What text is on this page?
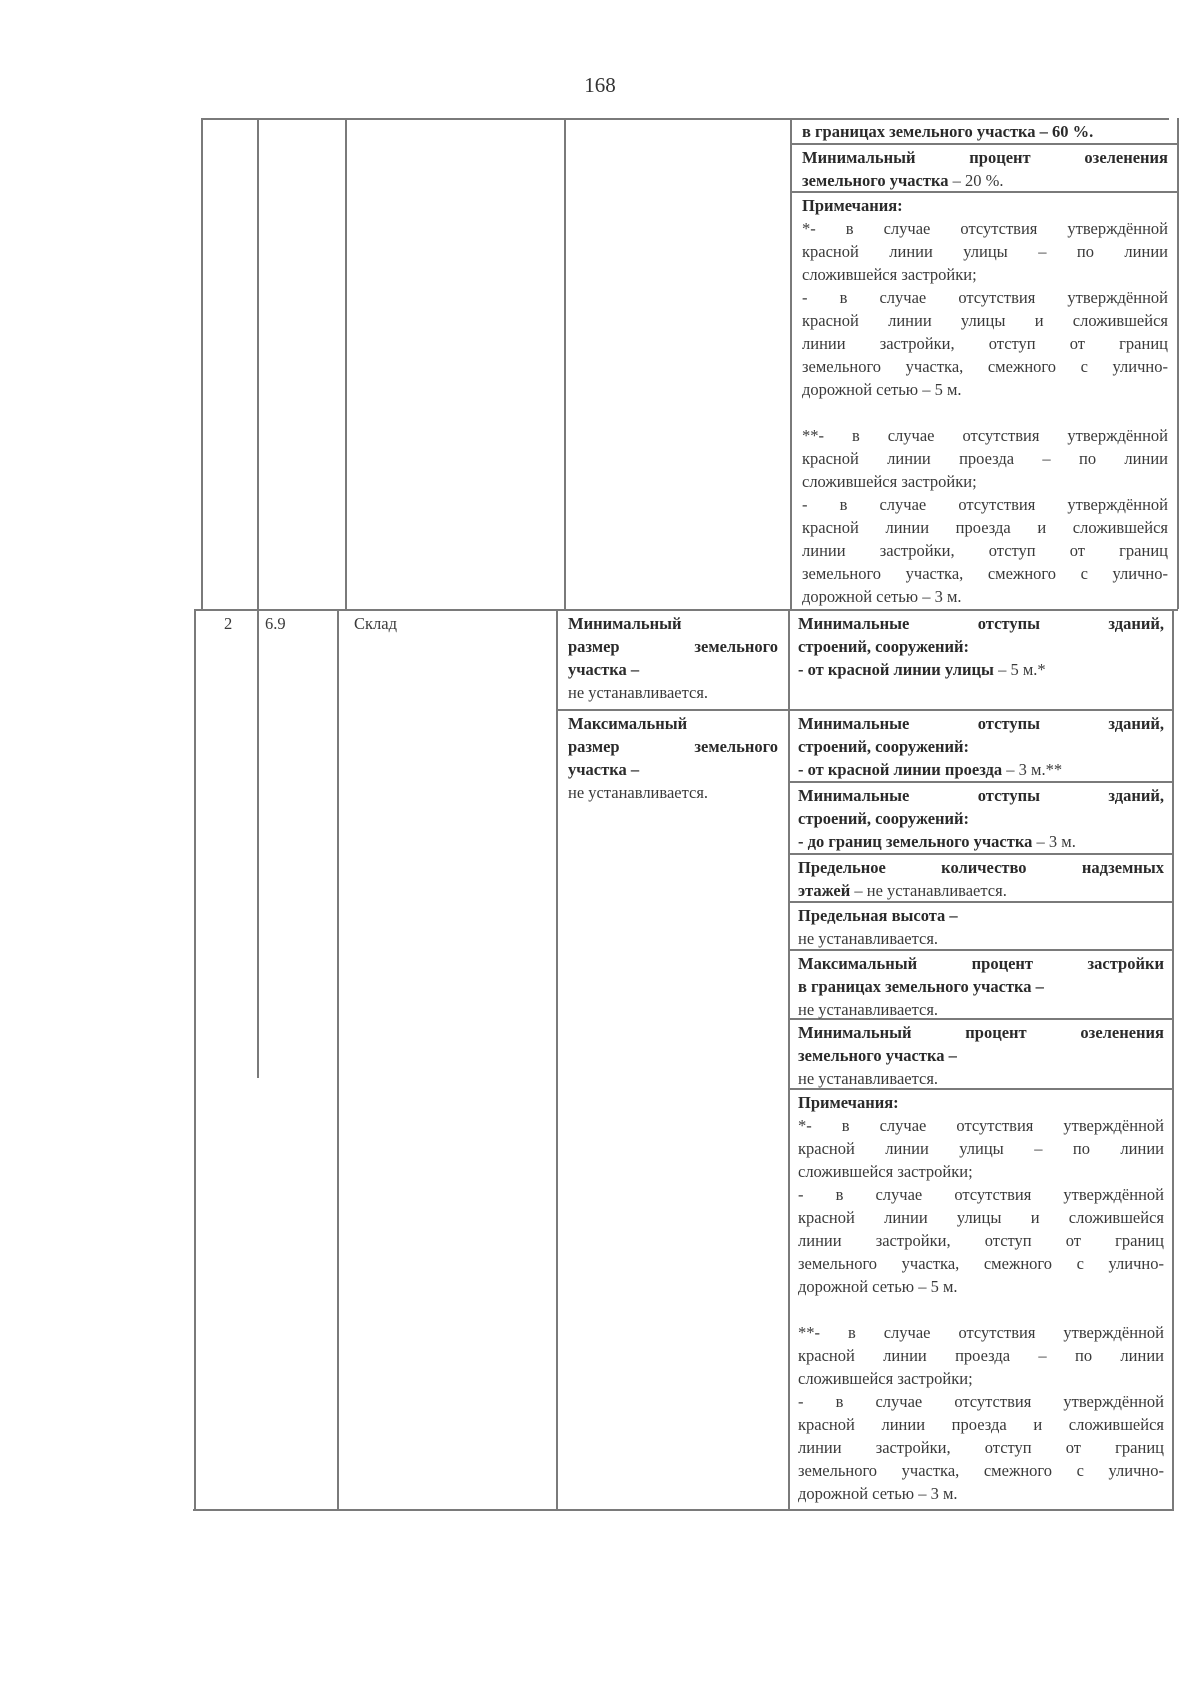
168
в границах земельного участка – 60 %.
Минимальный процент озеленения
земельного участка – 20 %.
Примечания:
*- в случае отсутствия утверждённой
красной линии улицы – по линии
сложившейся застройки;
- в случае отсутствия утверждённой
красной линии улицы и сложившейся
линии застройки, отступ от границ
земельного участка, смежного с улично-
дорожной сетью – 5 м.
**- в случае отсутствия утверждённой
красной линии проезда – по линии
сложившейся застройки;
- в случае отсутствия утверждённой
красной линии проезда и сложившейся
линии застройки, отступ от границ
земельного участка, смежного с улично-
дорожной сетью – 3 м.
2 6.9	Склад	Минимальный
размер земельного
участка –
не устанавливается.
Максимальный
размер земельного
участка –
не устанавливается.
Минимальные отступы зданий,
строений, сооружений:
- от красной линии улицы – 5 м.*
Минимальные отступы зданий,
строений, сооружений:
- от красной линии проезда – 3 м.**
Минимальные отступы зданий,
строений, сооружений:
- до границ земельного участка – 3 м.
Предельное количество надземных
этажей – не устанавливается.
Предельная высота –
не устанавливается.
Максимальный процент застройки
в границах земельного участка –
не устанавливается.
Минимальный процент озеленения
земельного участка –
не устанавливается.
Примечания:
*- в случае отсутствия утверждённой
красной линии улицы – по линии
сложившейся застройки;
- в случае отсутствия утверждённой
красной линии улицы и сложившейся
линии застройки, отступ от границ
земельного участка, смежного с улично-
дорожной сетью – 5 м.
**- в случае отсутствия утверждённой
красной линии проезда – по линии
сложившейся застройки;
- в случае отсутствия утверждённой
красной линии проезда и сложившейся
линии застройки, отступ от границ
земельного участка, смежного с улично-
дорожной сетью – 3 м.
